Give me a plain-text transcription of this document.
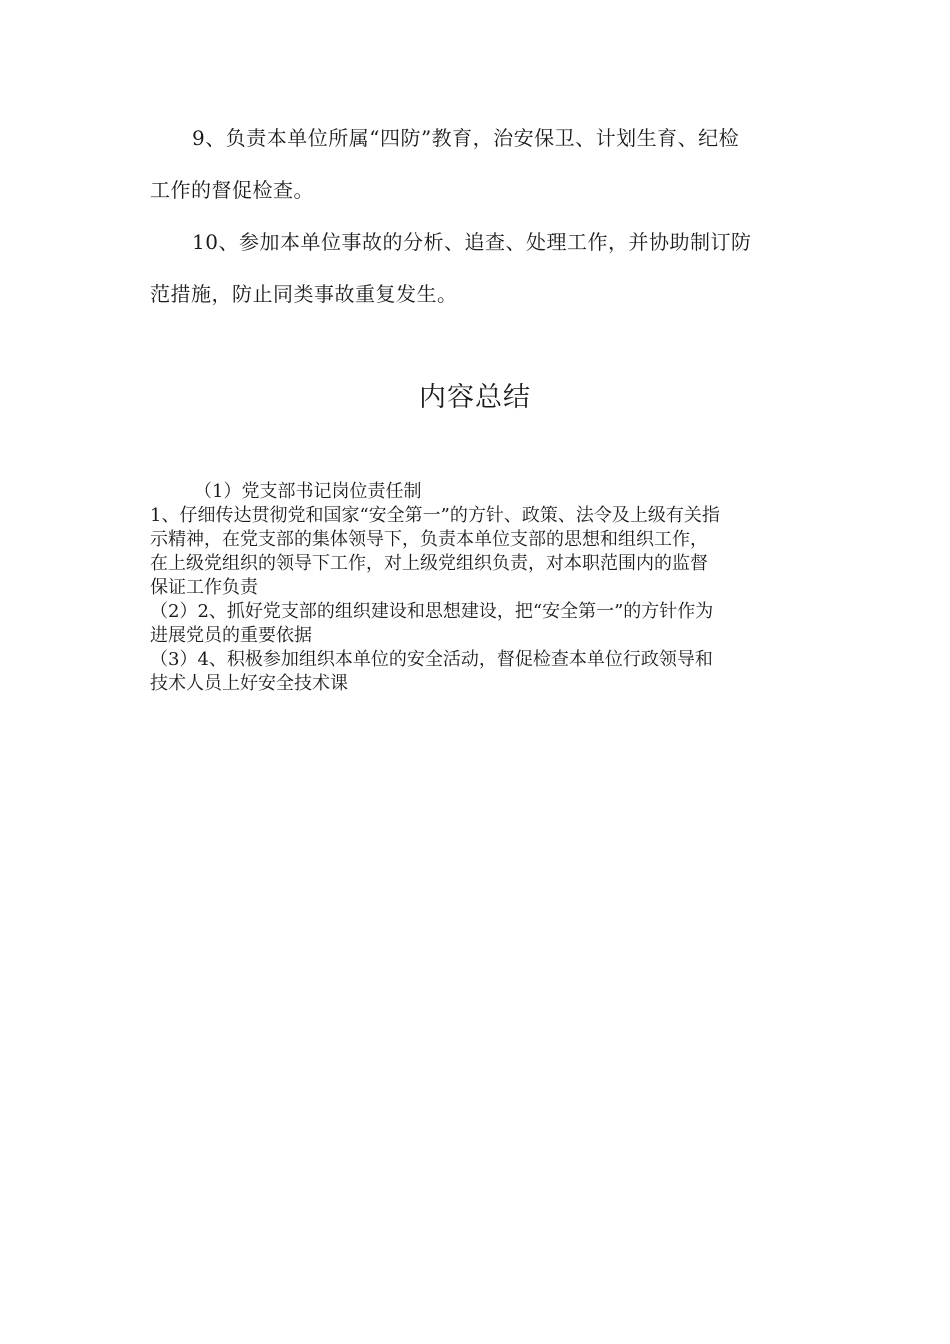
9、负责本单位所属“四防”教育，治安保卫、计划生育、纪检
工作的督促检查。
10、参加本单位事故的分析、追查、处理工作，并协助制订防
范措施，防止同类事故重复发生。
内容总结
（1）党支部书记岗位责任制
1、仔细传达贯彻党和国家“安全第一”的方针、政策、法令及上级有关指
示精神，在党支部的集体领导下，负责本单位支部的思想和组织工作，
在上级党组织的领导下工作，对上级党组织负责，对本职范围内的监督
保证工作负责
（2）2、抓好党支部的组织建设和思想建设，把“安全第一”的方针作为
进展党员的重要依据
（3）4、积极参加组织本单位的安全活动，督促检查本单位行政领导和
技术人员上好安全技术课
